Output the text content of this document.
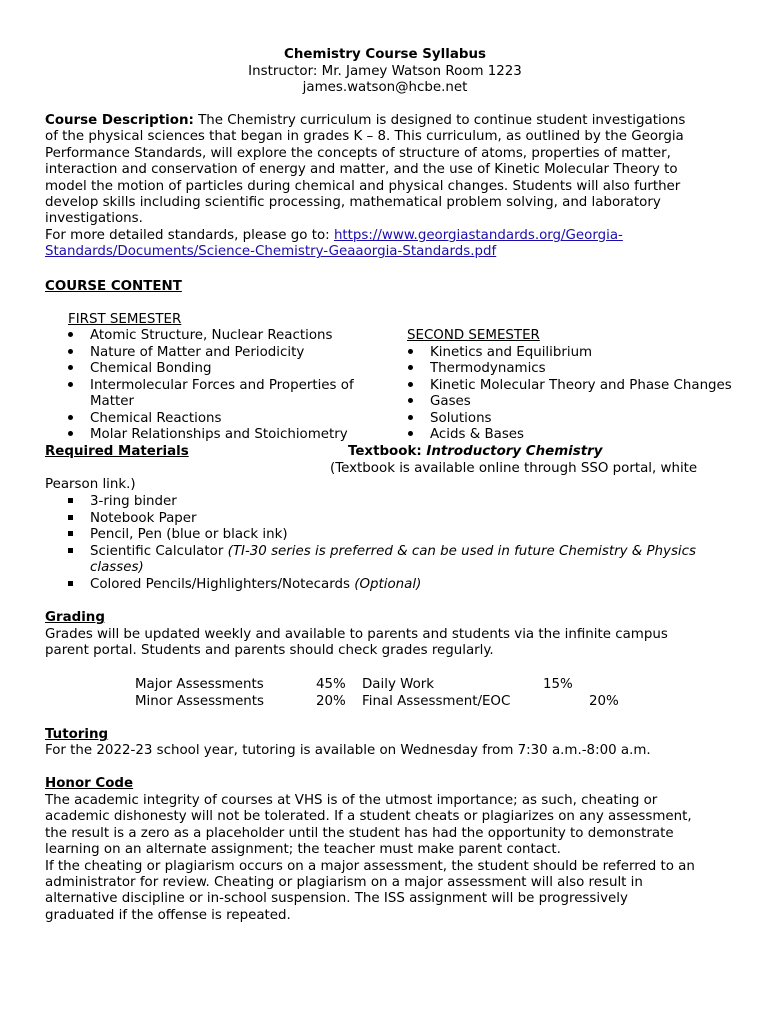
Chemistry Course Syllabus
Instructor: Mr. Jamey Watson Room 1223
james.watson@hcbe.net
Course Description: The Chemistry curriculum is designed to continue student investigations
of the physical sciences that began in grades K – 8. This curriculum, as outlined by the Georgia
Performance Standards, will explore the concepts of structure of atoms, properties of matter,
interaction and conservation of energy and matter, and the use of Kinetic Molecular Theory to
model the motion of particles during chemical and physical changes. Students will also further
develop skills including scientific processing, mathematical problem solving, and laboratory
investigations.
For more detailed standards, please go to: https://www.georgiastandards.org/Georgia-
Standards/Documents/Science-Chemistry-Geaaorgia-Standards.pdf
COURSE CONTENT
FIRST SEMESTER
Atomic Structure, Nuclear Reactions
Nature of Matter and Periodicity
Chemical Bonding
Intermolecular Forces and Properties of
Matter
Chemical Reactions
Molar Relationships and Stoichiometry
SECOND SEMESTER
Kinetics and Equilibrium
Thermodynamics
Kinetic Molecular Theory and Phase Changes
Gases
Solutions
Acids & Bases
Required Materials	Textbook: Introductory Chemistry
(Textbook is available online through SSO portal, white
Pearson link.)
3-ring binder
Notebook Paper
Pencil, Pen (blue or black ink)
Scientific Calculator (TI-30 series is preferred & can be used in future Chemistry & Physics
classes)
Colored Pencils/Highlighters/Notecards (Optional)
Grading
Grades will be updated weekly and available to parents and students via the infinite campus
parent portal. Students and parents should check grades regularly.
Major Assessments	45% Daily Work	15%
Minor Assessments	20% Final Assessment/EOC	20%
Tutoring
For the 2022-23 school year, tutoring is available on Wednesday from 7:30 a.m.-8:00 a.m.
Honor Code
The academic integrity of courses at VHS is of the utmost importance; as such, cheating or
academic dishonesty will not be tolerated. If a student cheats or plagiarizes on any assessment,
the result is a zero as a placeholder until the student has had the opportunity to demonstrate
learning on an alternate assignment; the teacher must make parent contact.
If the cheating or plagiarism occurs on a major assessment, the student should be referred to an
administrator for review. Cheating or plagiarism on a major assessment will also result in
alternative discipline or in-school suspension. The ISS assignment will be progressively
graduated if the offense is repeated.
